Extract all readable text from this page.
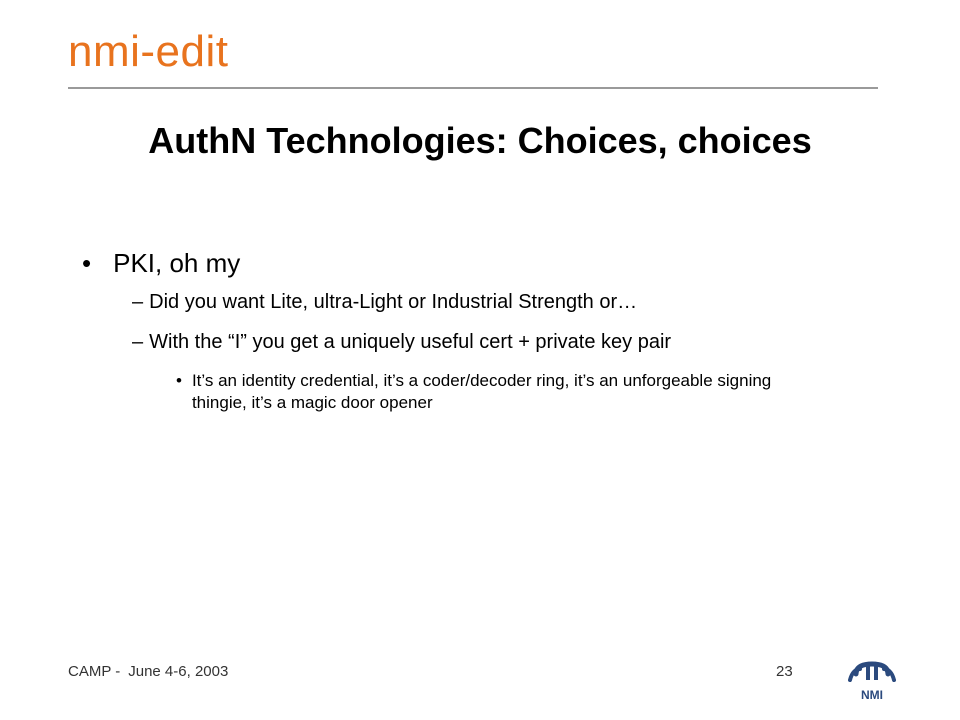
nmi-edit
AuthN Technologies: Choices, choices
• PKI, oh my
– Did you want Lite, ultra-Light or Industrial Strength or…
– With the “I” you get a uniquely useful cert + private key pair
• It’s an identity credential, it’s a coder/decoder ring, it’s an unforgeable signing thingie, it’s a magic door opener
CAMP - June 4-6, 2003	23
NMI
